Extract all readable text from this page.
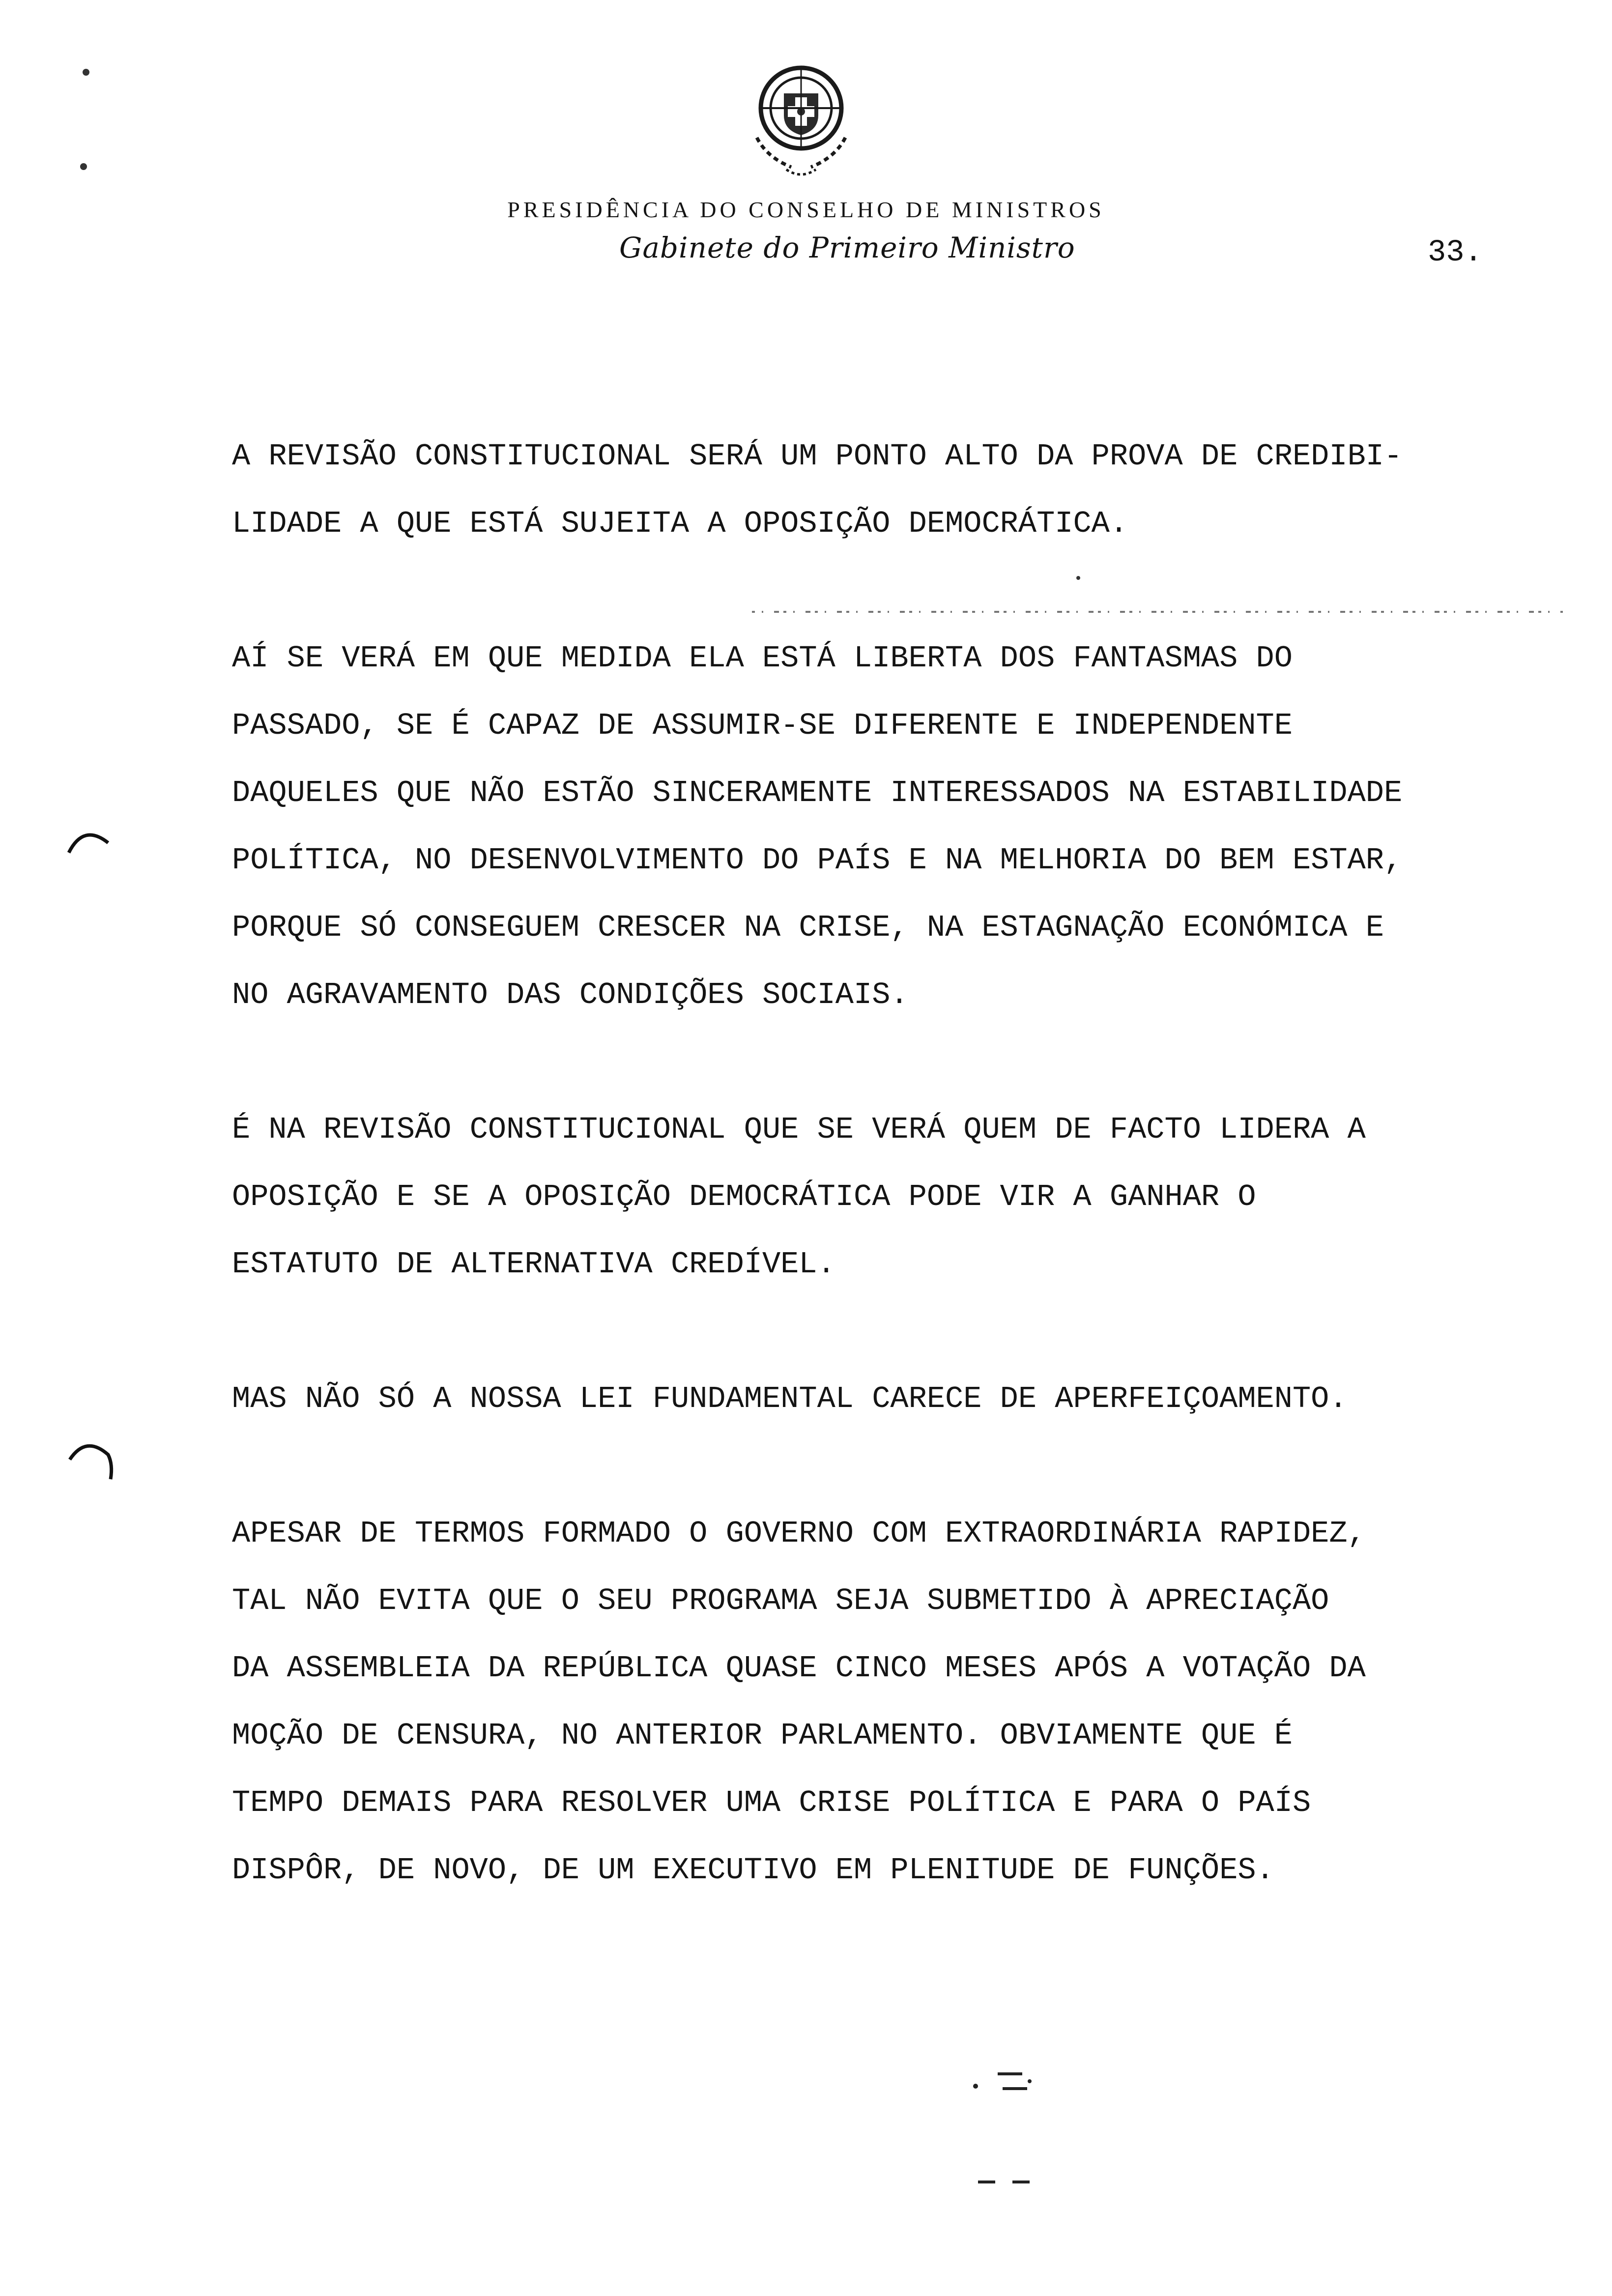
PRESIDÊNCIA DO CONSELHO DE MINISTROS
Gabinete do Primeiro Ministro	33.
A REVISÃO CONSTITUCIONAL SERÁ UM PONTO ALTO DA PROVA DE CREDIBI-
LIDADE A QUE ESTÁ SUJEITA A OPOSIÇÃO DEMOCRÁTICA.
AÍ SE VERÁ EM QUE MEDIDA ELA ESTÁ LIBERTA DOS FANTASMAS DO
PASSADO, SE É CAPAZ DE ASSUMIR-SE DIFERENTE E INDEPENDENTE
DAQUELES QUE NÃO ESTÃO SINCERAMENTE INTERESSADOS NA ESTABILIDADE
POLÍTICA, NO DESENVOLVIMENTO DO PAÍS E NA MELHORIA DO BEM ESTAR,
PORQUE SÓ CONSEGUEM CRESCER NA CRISE, NA ESTAGNAÇÃO ECONÓMICA E
NO AGRAVAMENTO DAS CONDIÇÕES SOCIAIS.
É NA REVISÃO CONSTITUCIONAL QUE SE VERÁ QUEM DE FACTO LIDERA A
OPOSIÇÃO E SE A OPOSIÇÃO DEMOCRÁTICA PODE VIR A GANHAR O
ESTATUTO DE ALTERNATIVA CREDÍVEL.
MAS NÃO SÓ A NOSSA LEI FUNDAMENTAL CARECE DE APERFEIÇOAMENTO.
APESAR DE TERMOS FORMADO O GOVERNO COM EXTRAORDINÁRIA RAPIDEZ,
TAL NÃO EVITA QUE O SEU PROGRAMA SEJA SUBMETIDO À APRECIAÇÃO
DA ASSEMBLEIA DA REPÚBLICA QUASE CINCO MESES APÓS A VOTAÇÃO DA
MOÇÃO DE CENSURA, NO ANTERIOR PARLAMENTO. OBVIAMENTE QUE É
TEMPO DEMAIS PARA RESOLVER UMA CRISE POLÍTICA E PARA O PAÍS
DISPÔR, DE NOVO, DE UM EXECUTIVO EM PLENITUDE DE FUNÇÕES.
